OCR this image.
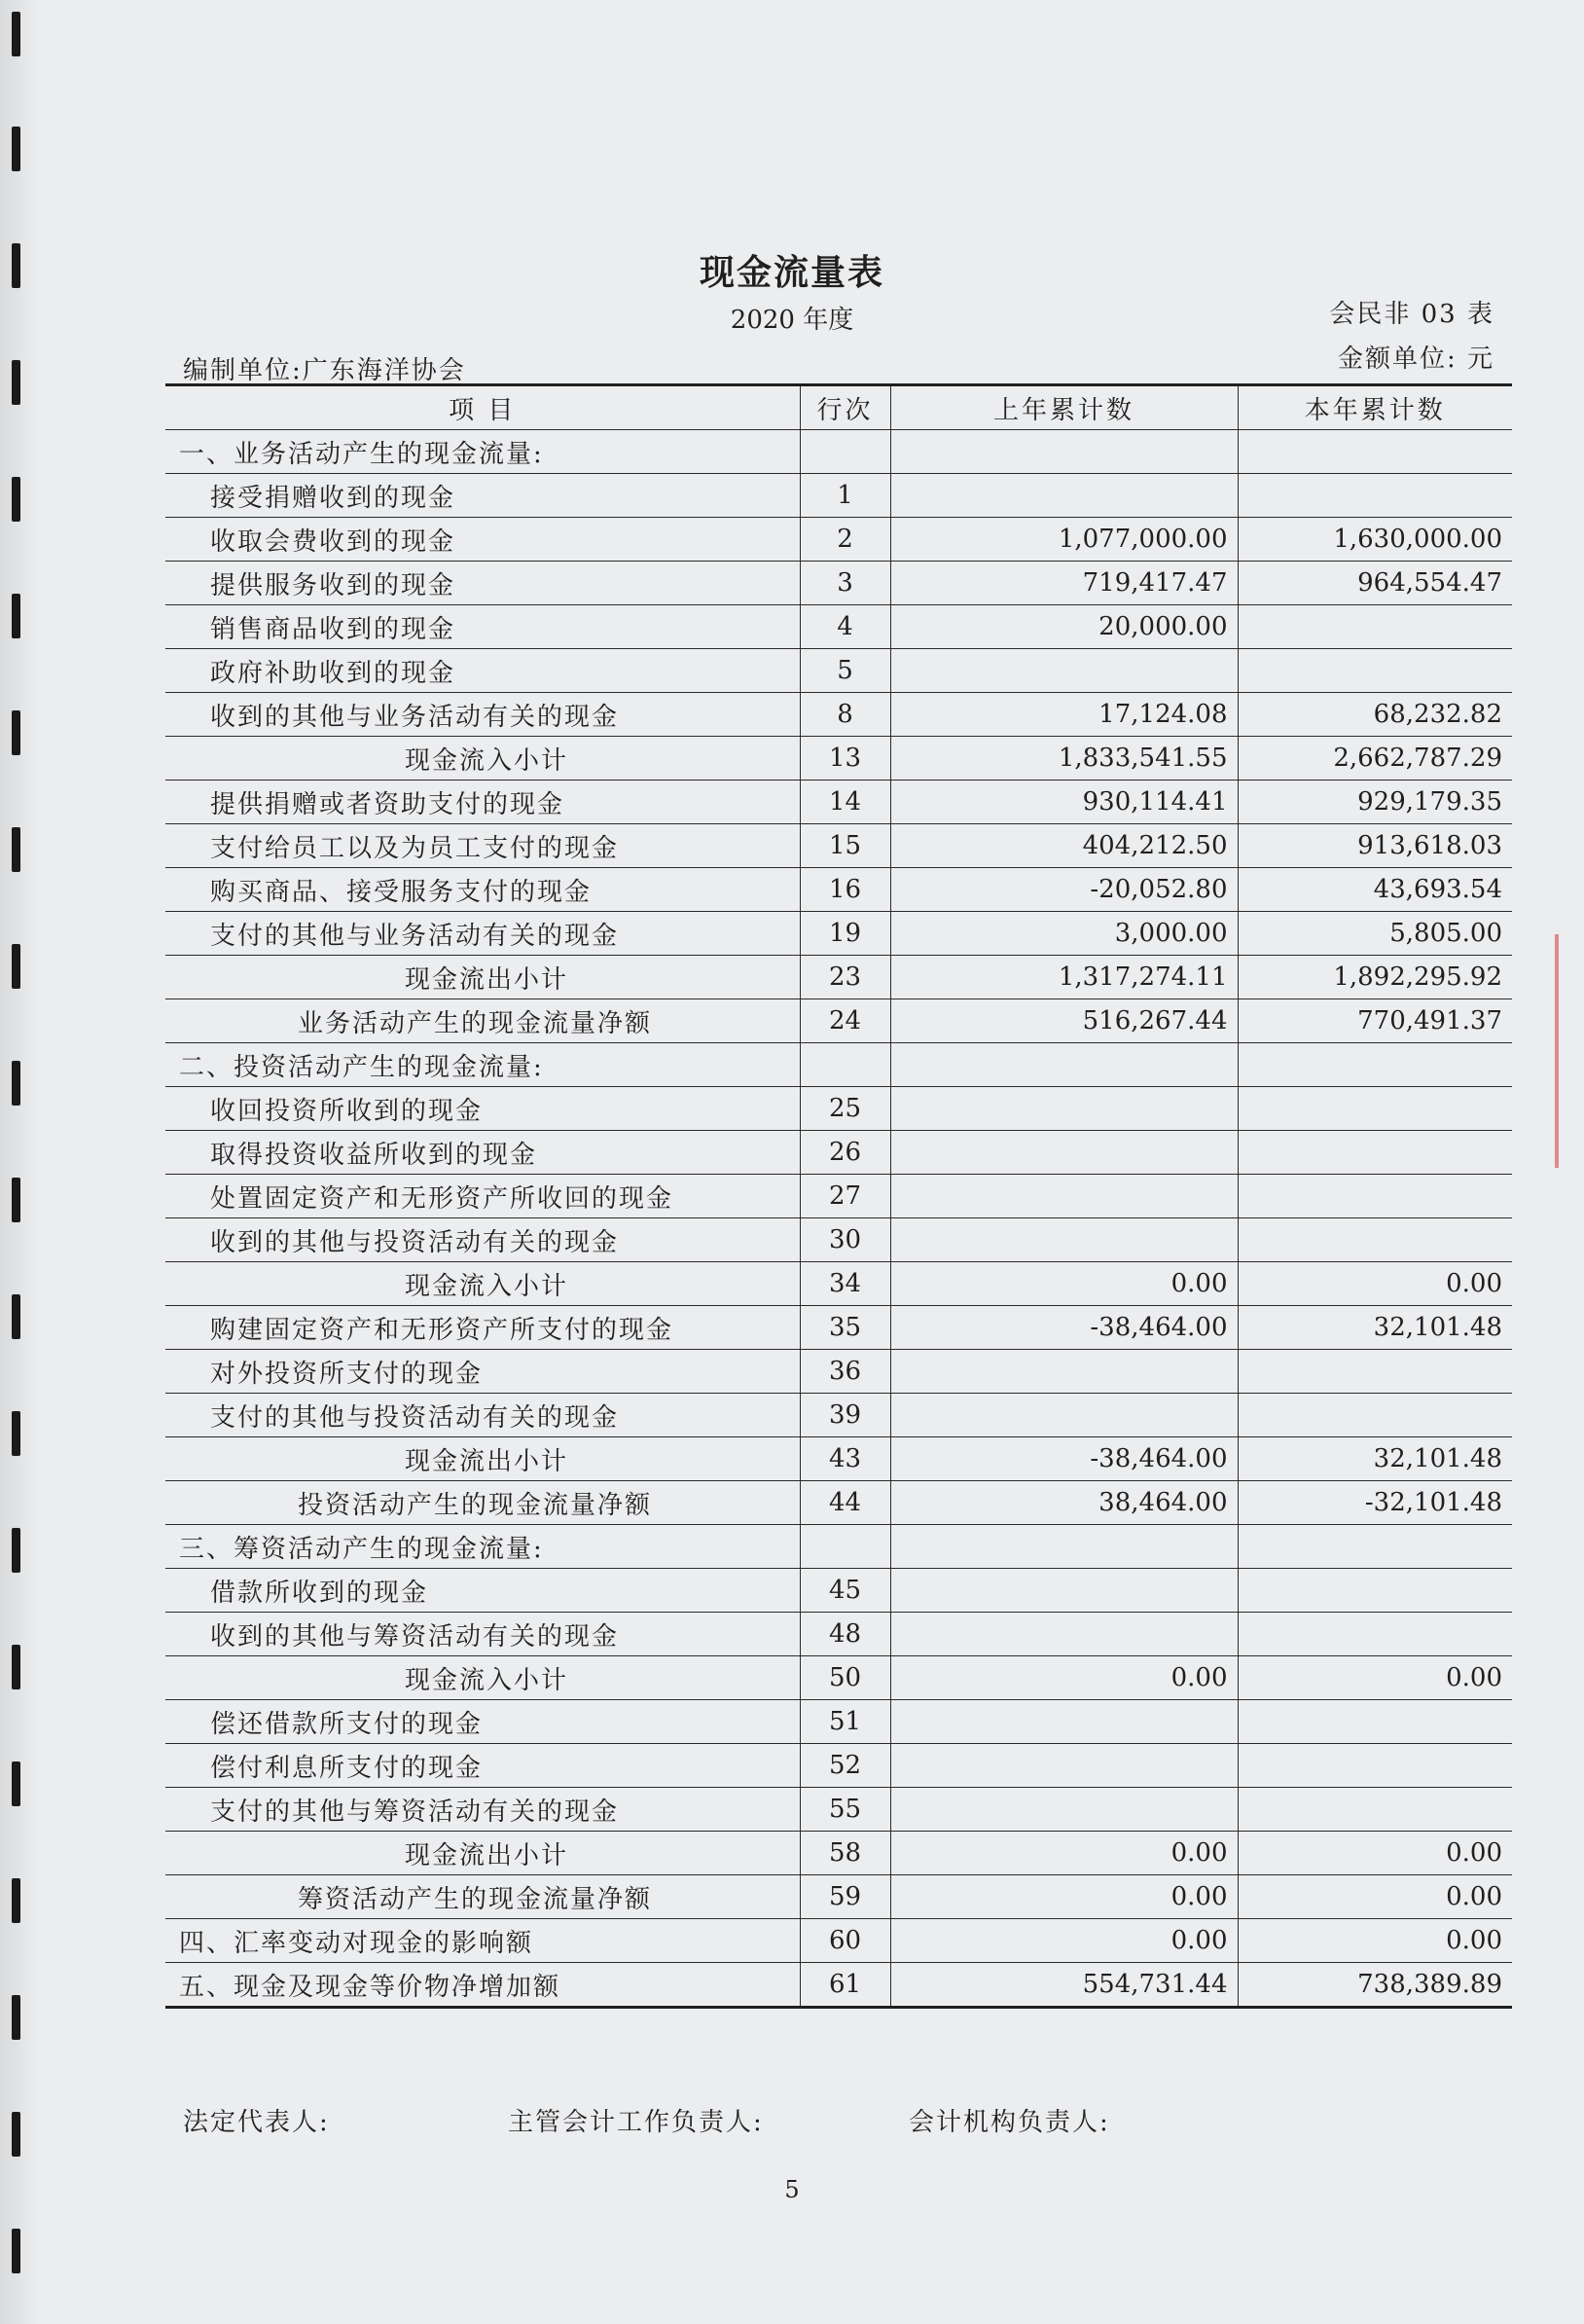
现金流量表
2020 年度	会民非 03 表
金额单位: 元
编制单位:广东海洋协会
项 目	行次	上年累计数	本年累计数
一、业务活动产生的现金流量:			
接受捐赠收到的现金	1		
收取会费收到的现金	2	1,077,000.00	1,630,000.00
提供服务收到的现金	3	719,417.47	964,554.47
销售商品收到的现金	4	20,000.00	
政府补助收到的现金	5		
收到的其他与业务活动有关的现金	8	17,124.08	68,232.82
现金流入小计	13	1,833,541.55	2,662,787.29
提供捐赠或者资助支付的现金	14	930,114.41	929,179.35
支付给员工以及为员工支付的现金	15	404,212.50	913,618.03
购买商品、接受服务支付的现金	16	-20,052.80	43,693.54
支付的其他与业务活动有关的现金	19	3,000.00	5,805.00
现金流出小计	23	1,317,274.11	1,892,295.92
业务活动产生的现金流量净额	24	516,267.44	770,491.37
二、投资活动产生的现金流量:			
收回投资所收到的现金	25		
取得投资收益所收到的现金	26		
处置固定资产和无形资产所收回的现金	27		
收到的其他与投资活动有关的现金	30		
现金流入小计	34	0.00	0.00
购建固定资产和无形资产所支付的现金	35	-38,464.00	32,101.48
对外投资所支付的现金	36		
支付的其他与投资活动有关的现金	39		
现金流出小计	43	-38,464.00	32,101.48
投资活动产生的现金流量净额	44	38,464.00	-32,101.48
三、筹资活动产生的现金流量:			
借款所收到的现金	45		
收到的其他与筹资活动有关的现金	48		
现金流入小计	50	0.00	0.00
偿还借款所支付的现金	51		
偿付利息所支付的现金	52		
支付的其他与筹资活动有关的现金	55		
现金流出小计	58	0.00	0.00
筹资活动产生的现金流量净额	59	0.00	0.00
四、汇率变动对现金的影响额	60	0.00	0.00
五、现金及现金等价物净增加额	61	554,731.44	738,389.89
法定代表人:	主管会计工作负责人:	会计机构负责人:
5
